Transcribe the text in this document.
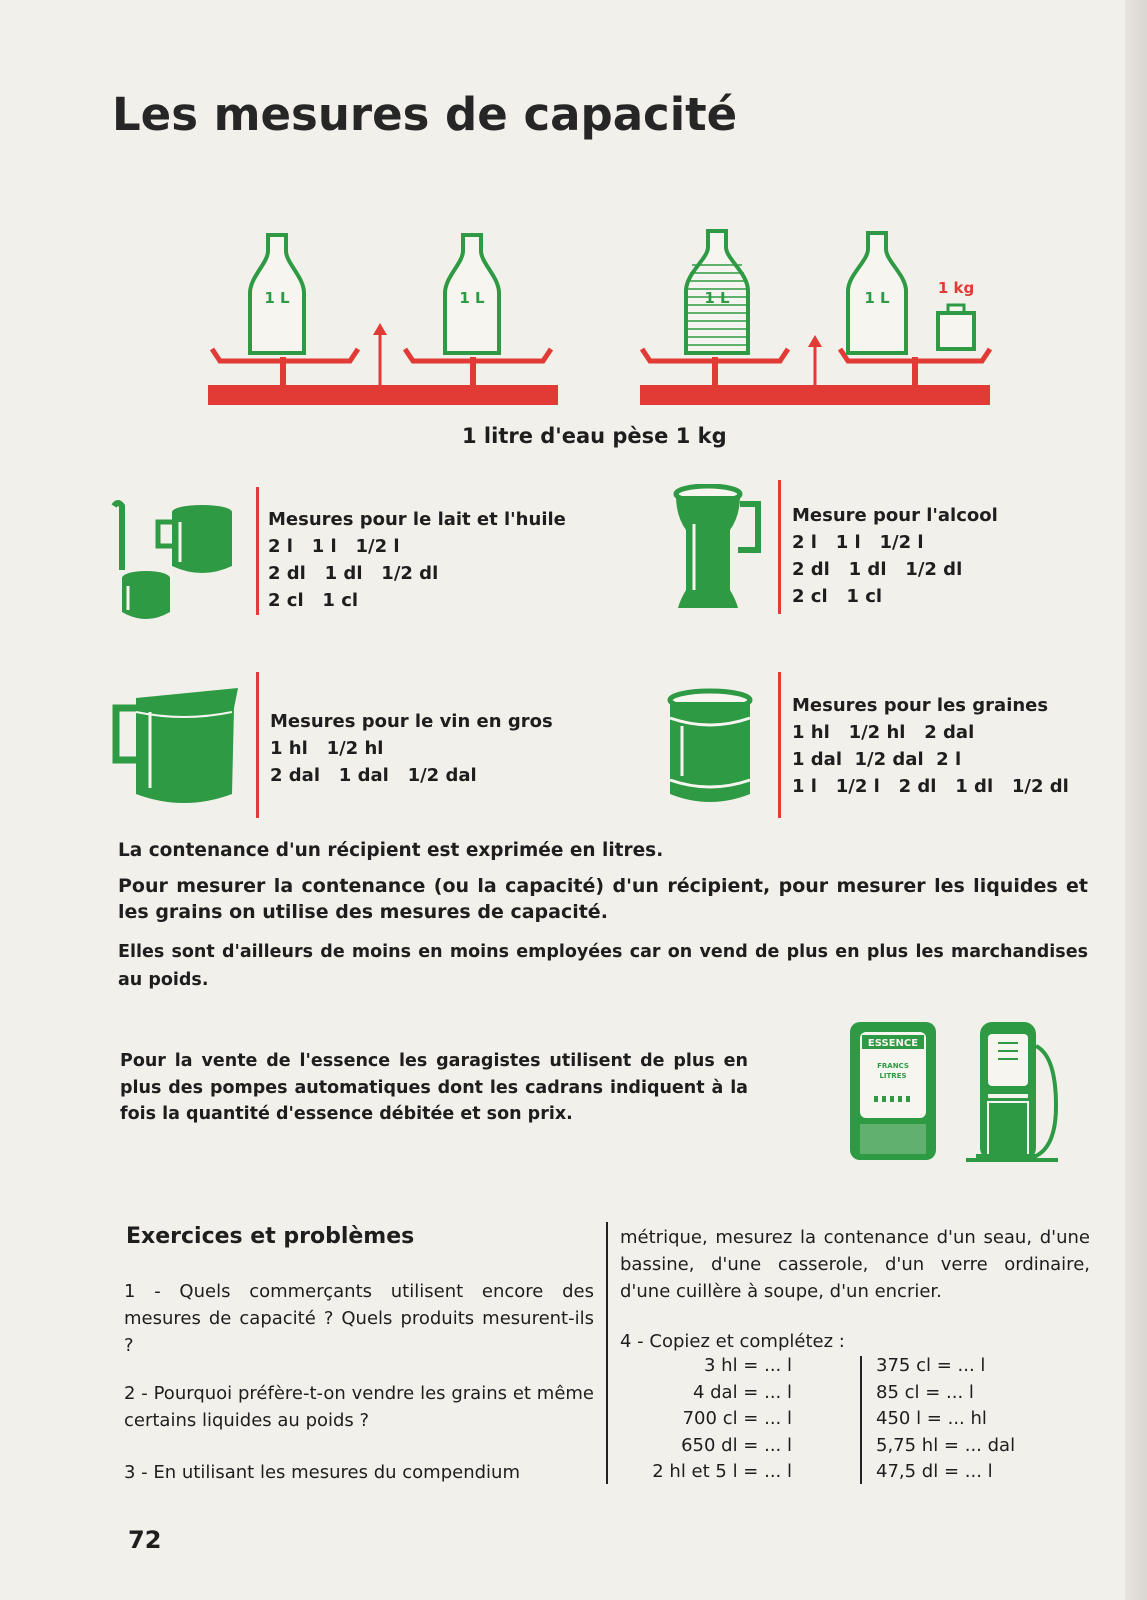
Les mesures de capacité
1 L	1 L	1 L	1 L
1 kg
1 litre d'eau pèse 1 kg
Mesures pour le lait et l'huile
2 l   1 l   1/2 l
2 dl   1 dl   1/2 dl
2 cl   1 cl
Mesure pour l'alcool
2 l   1 l   1/2 l
2 dl   1 dl   1/2 dl
2 cl   1 cl
Mesures pour le vin en gros
1 hl   1/2 hl
2 dal   1 dal   1/2 dal
Mesures pour les graines
1 hl   1/2 hl   2 dal
1 dal  1/2 dal  2 l
1 l   1/2 l   2 dl   1 dl   1/2 dl
La contenance d'un récipient est exprimée en litres.
Pour mesurer la contenance (ou la capacité) d'un récipient, pour mesurer les liquides et les grains on utilise des mesures de capacité.
Elles sont d'ailleurs de moins en moins employées car on vend de plus en plus les marchandises au poids.
Pour la vente de l'essence les garagistes utilisent de plus en plus des pompes automatiques dont les cadrans indiquent à la fois la quantité d'essence débitée et son prix.
ESSENCE
FRANCS
LITRES
Exercices et problèmes
1 - Quels commerçants utilisent encore des mesures de capacité ? Quels produits mesurent-ils ?
2 - Pourquoi préfère-t-on vendre les grains et même certains liquides au poids ?
3 - En utilisant les mesures du compendium
métrique, mesurez la contenance d'un seau, d'une bassine, d'une casserole, d'un verre ordinaire, d'une cuillère à soupe, d'un encrier.
4 - Copiez et complétez :
3 hl = ... l
4 dal = ... l
700 cl = ... l
650 dl = ... l
2 hl et 5 l = ... l
375 cl = ... l
85 cl = ... l
450 l = ... hl
5,75 hl = ... dal
47,5 dl = ... l
72
